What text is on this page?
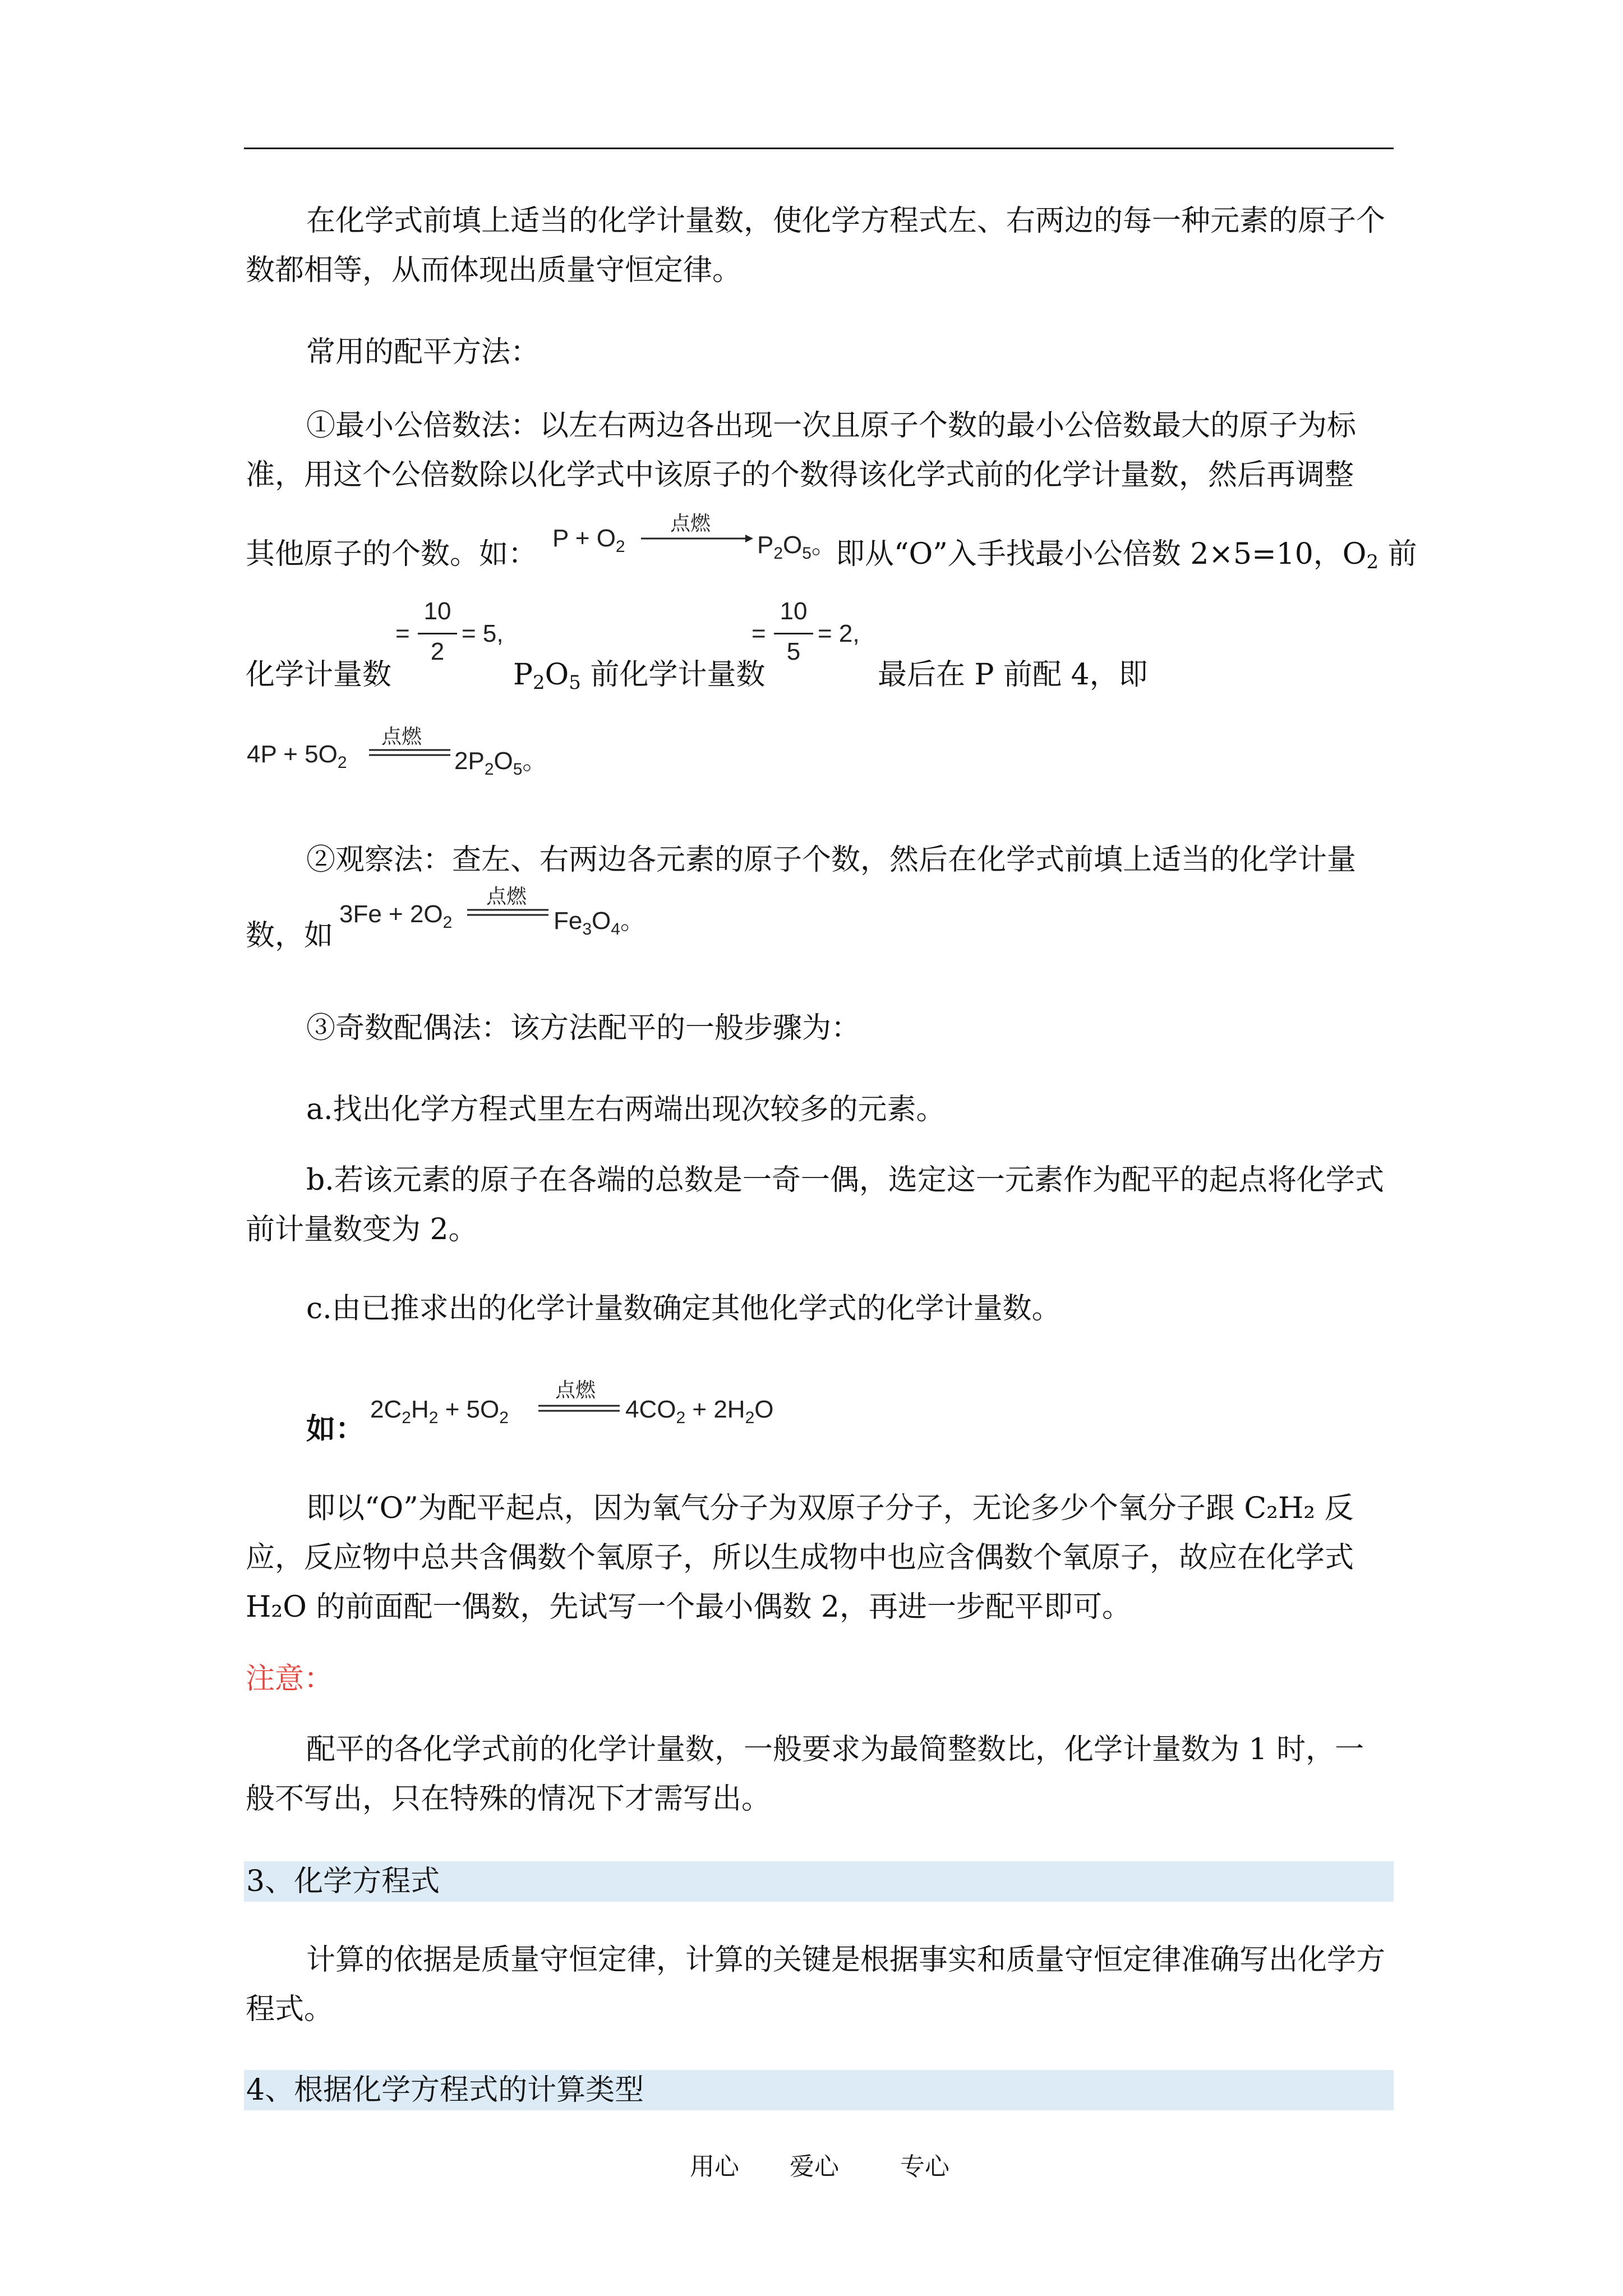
在化学式前填上适当的化学计量数，使化学方程式左、右两边的每一种元素的原子个数都相等，从而体现出质量守恒定律。
常用的配平方法：
①最小公倍数法：以左右两边各出现一次且原子个数的最小公倍数最大的原子为标准，用这个公倍数除以化学式中该原子的个数得该化学式前的化学计量数，然后再调整
其他原子的个数。如：
点燃
$P + O_2$	$P_2O_5$。 即从“O”入手找最小公倍数 2×5=10，O2 前
化学计量数
=
10
2
= 5,
P2O5 前化学计量数
=
10
5
= 2,
最后在 P 前配 4，即
点燃
$4P + 5O_2$	$2P_2O_5$。
②观察法：查左、右两边各元素的原子个数，然后在化学式前填上适当的化学计量
数，如
点燃
$3Fe + 2O_2$	$Fe_3O_4$。
③奇数配偶法：该方法配平的一般步骤为：
a.找出化学方程式里左右两端出现次较多的元素。
b.若该元素的原子在各端的总数是一奇一偶，选定这一元素作为配平的起点将化学式前计量数变为 2。
c.由已推求出的化学计量数确定其他化学式的化学计量数。
如：
点燃
$2C_2H_2 + 5O_2$	$4CO_2 + 2H_2O$
即以“O”为配平起点，因为氧气分子为双原子分子，无论多少个氧分子跟 C₂H₂ 反应，反应物中总共含偶数个氧原子，所以生成物中也应含偶数个氧原子，故应在化学式 H₂O 的前面配一偶数，先试写一个最小偶数 2，再进一步配平即可。
注意：
配平的各化学式前的化学计量数，一般要求为最简整数比，化学计量数为 1 时，一般不写出，只在特殊的情况下才需写出。
3、化学方程式
计算的依据是质量守恒定律，计算的关键是根据事实和质量守恒定律准确写出化学方程式。
4、根据化学方程式的计算类型
用心 爱心 专心
